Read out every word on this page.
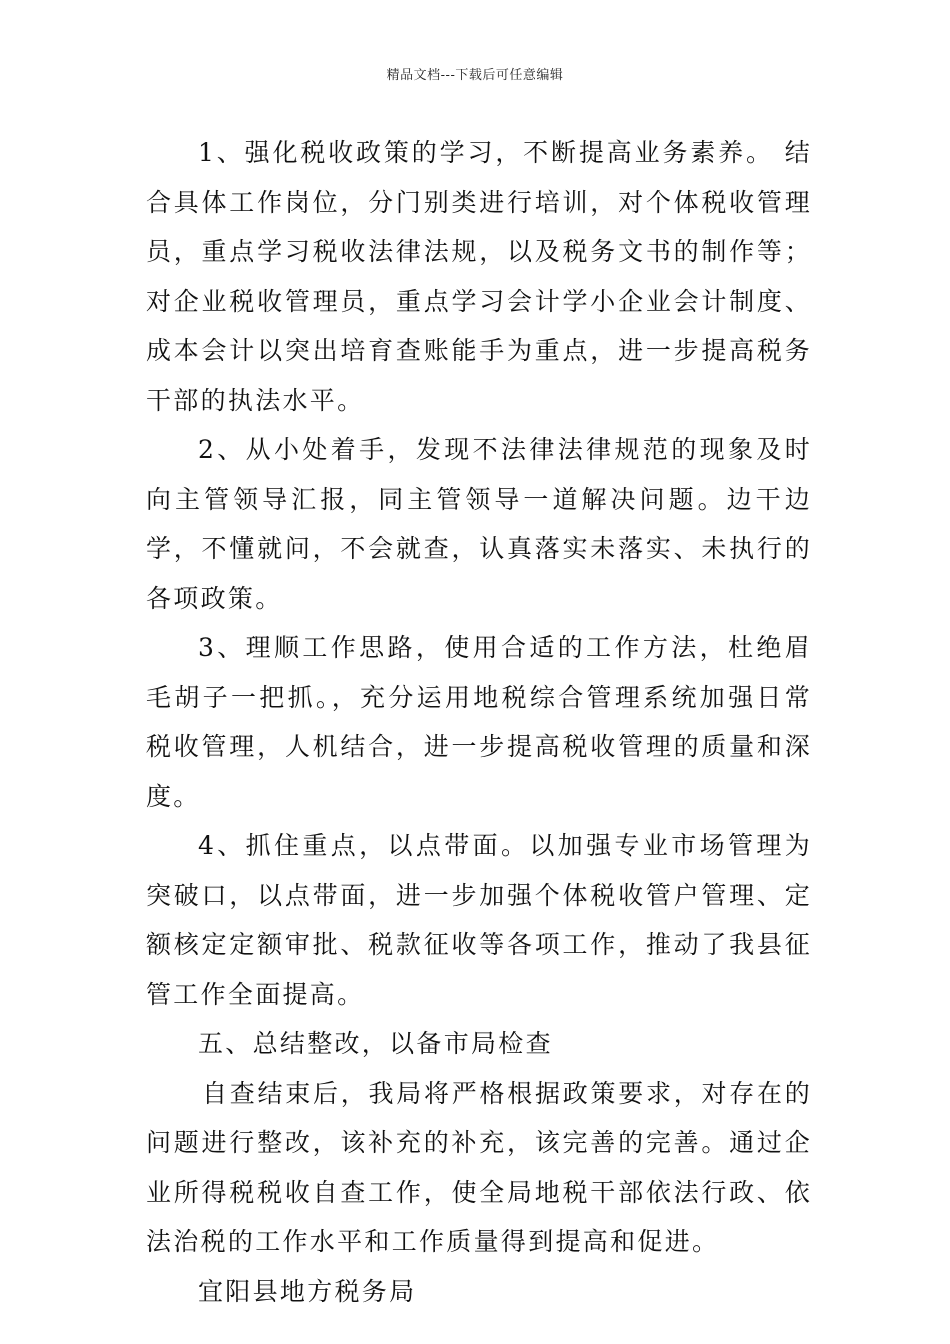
精品文档---下载后可任意编辑

1、强化税收政策的学习，不断提高业务素养。 结合具体工作岗位，分门别类进行培训，对个体税收管理员，重点学习税收法律法规，以及税务文书的制作等；对企业税收管理员，重点学习会计学小企业会计制度、成本会计以突出培育查账能手为重点，进一步提高税务干部的执法水平。

2、从小处着手，发现不法律法律规范的现象及时向主管领导汇报，同主管领导一道解决问题。边干边学，不懂就问，不会就查，认真落实未落实、未执行的各项政策。

3、理顺工作思路，使用合适的工作方法，杜绝眉毛胡子一把抓。，充分运用地税综合管理系统加强日常税收管理，人机结合，进一步提高税收管理的质量和深度。

4、抓住重点，以点带面。以加强专业市场管理为突破口，以点带面，进一步加强个体税收管户管理、定额核定定额审批、税款征收等各项工作，推动了我县征管工作全面提高。

五、总结整改，以备市局检查

自查结束后，我局将严格根据政策要求，对存在的问题进行整改，该补充的补充，该完善的完善。通过企业所得税税收自查工作，使全局地税干部依法行政、依法治税的工作水平和工作质量得到提高和促进。

宜阳县地方税务局
